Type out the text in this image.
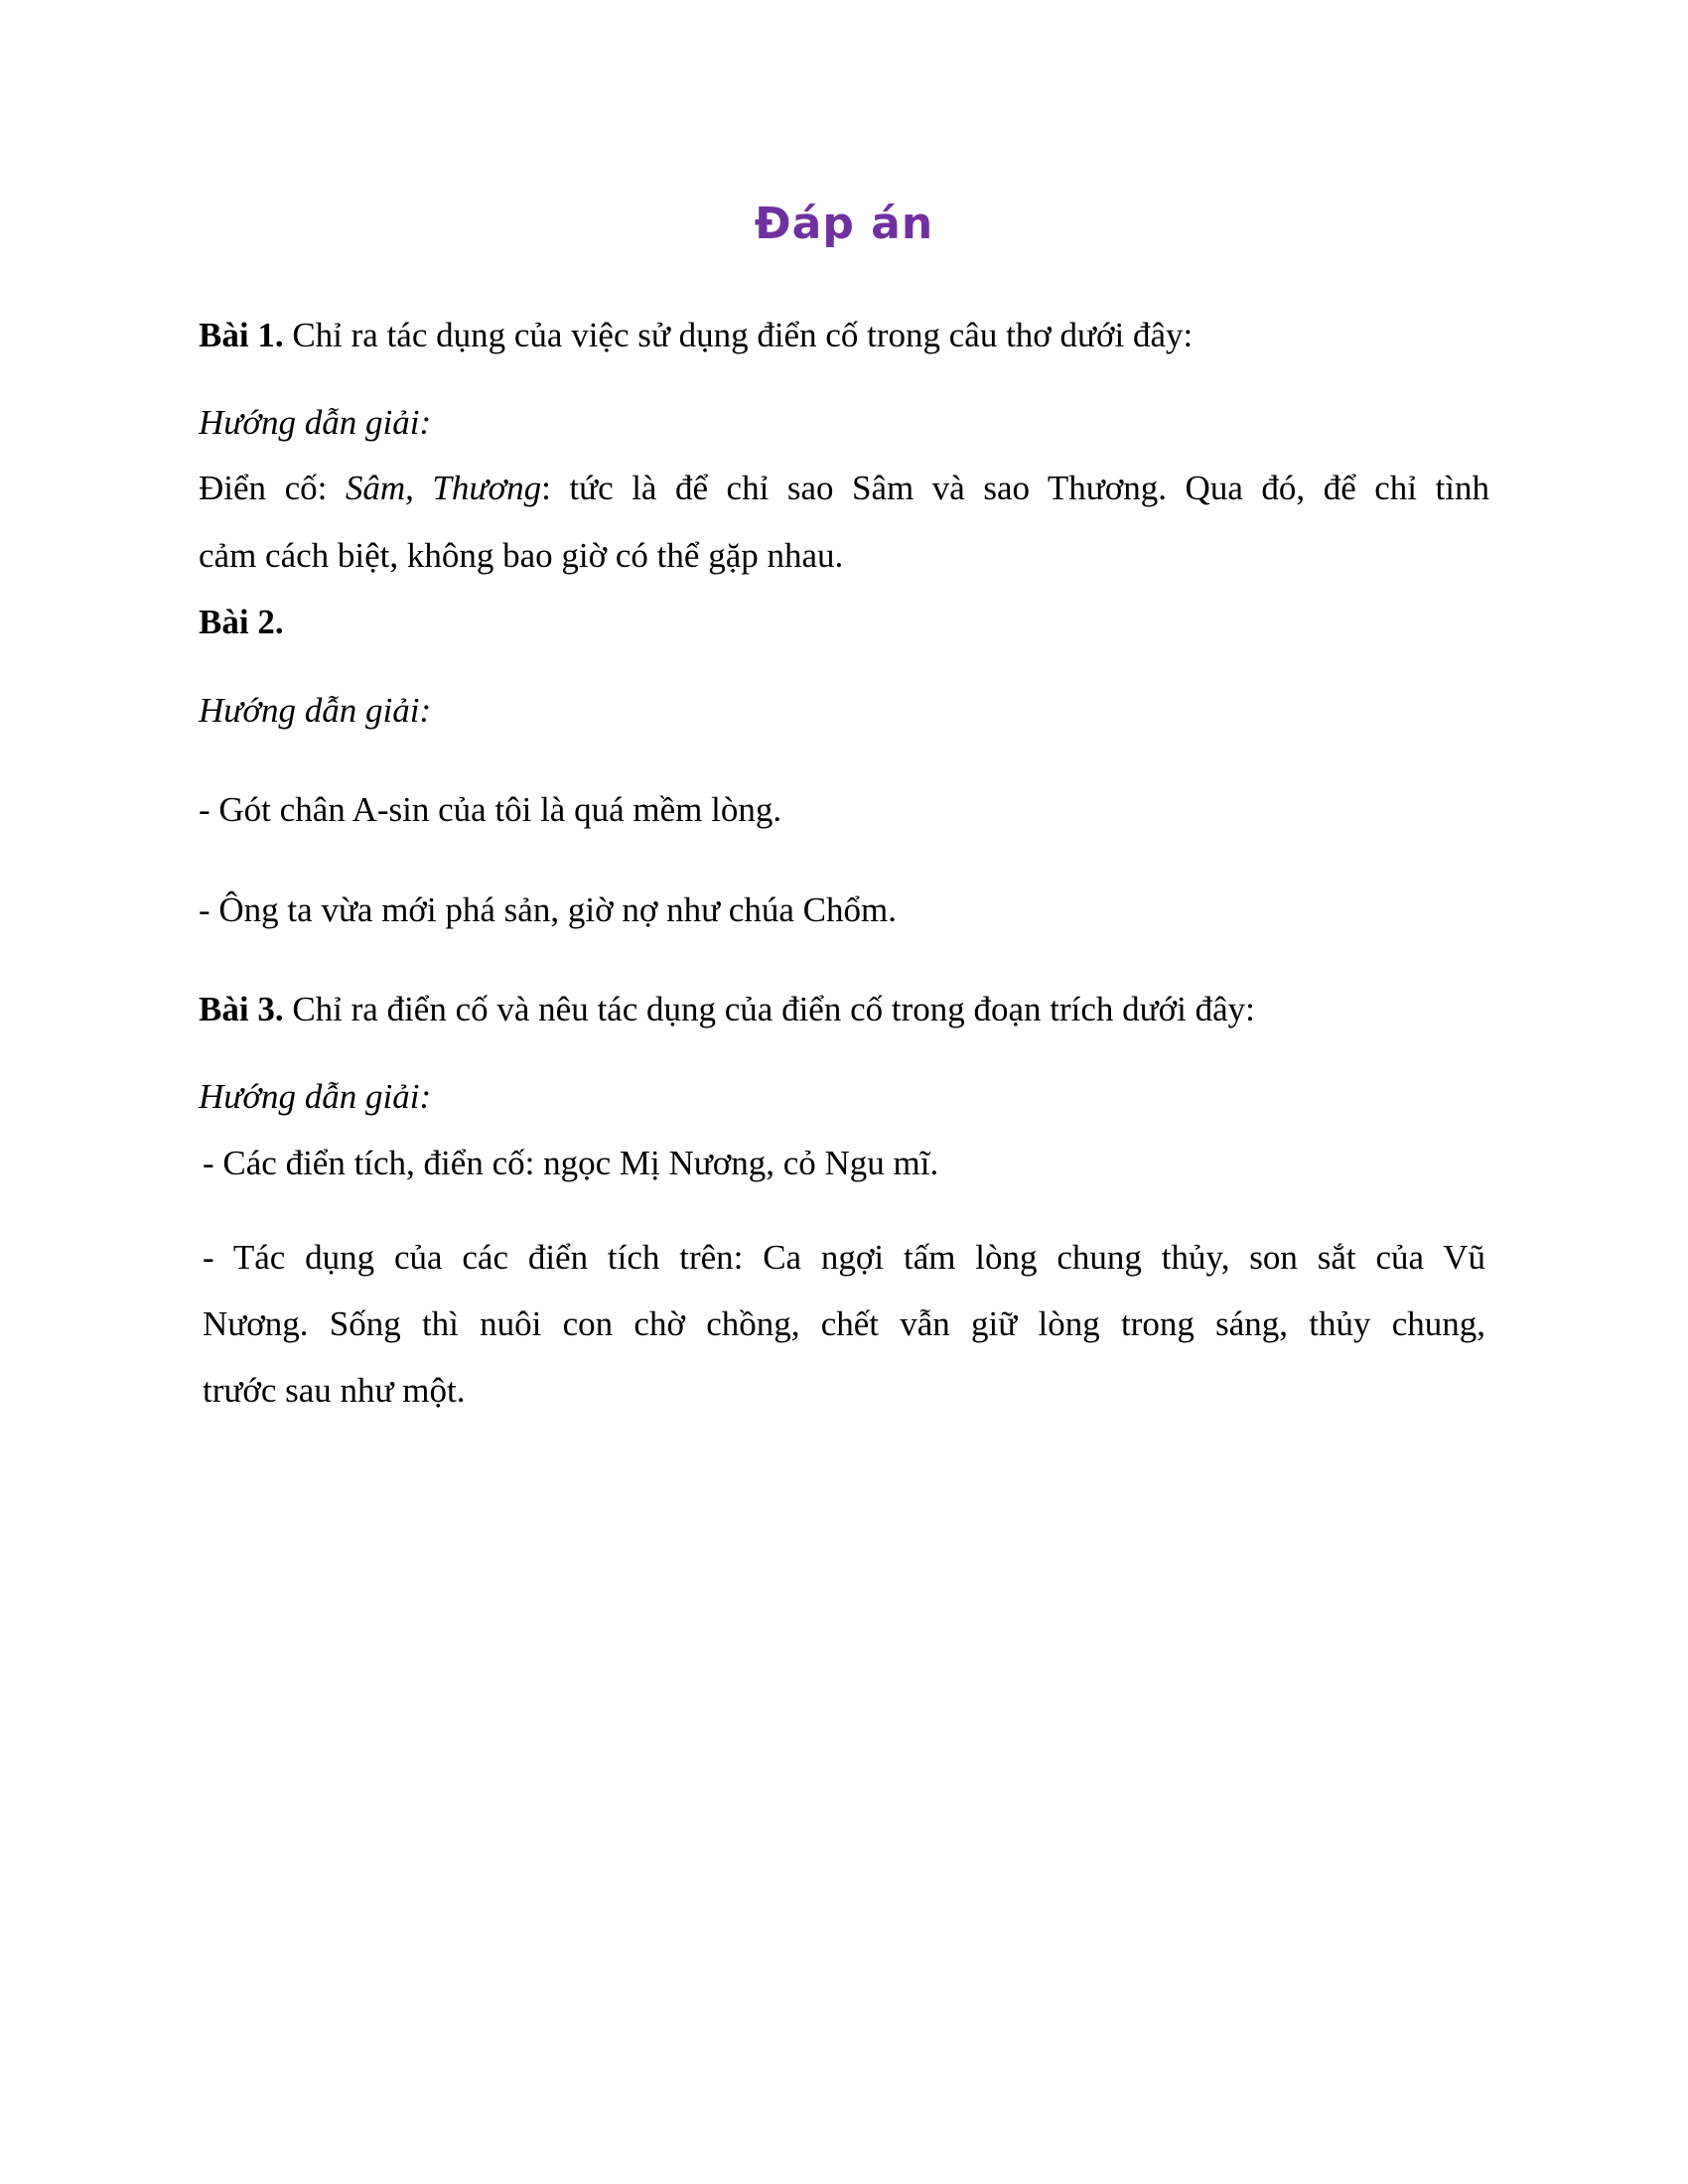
Đáp án
Bài 1. Chỉ ra tác dụng của việc sử dụng điển cố trong câu thơ dưới đây:
Hướng dẫn giải:
Điển cố: Sâm, Thương: tức là để chỉ sao Sâm và sao Thương. Qua đó, để chỉ tình
cảm cách biệt, không bao giờ có thể gặp nhau.
Bài 2.
Hướng dẫn giải:
- Gót chân A-sin của tôi là quá mềm lòng.
- Ông ta vừa mới phá sản, giờ nợ như chúa Chổm.
Bài 3. Chỉ ra điển cố và nêu tác dụng của điển cố trong đoạn trích dưới đây:
Hướng dẫn giải:
- Các điển tích, điển cố: ngọc Mị Nương, cỏ Ngu mĩ.
- Tác dụng của các điển tích trên: Ca ngợi tấm lòng chung thủy, son sắt của Vũ
Nương. Sống thì nuôi con chờ chồng, chết vẫn giữ lòng trong sáng, thủy chung,
trước sau như một.
